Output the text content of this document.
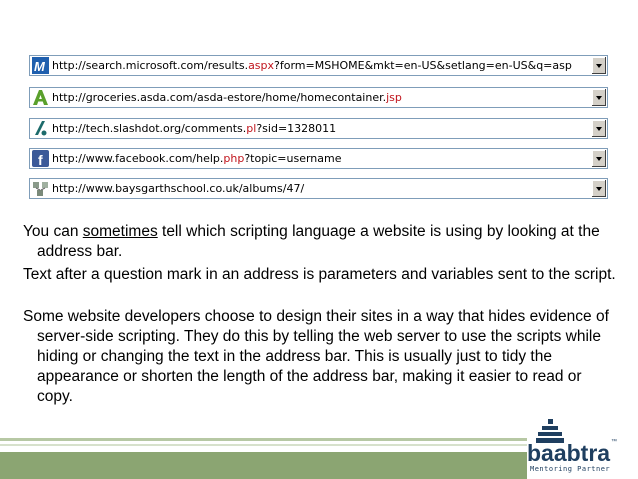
M http://search.microsoft.com/results.aspx?form=MSHOME&mkt=en-US&setlang=en-US&q=asp
http://groceries.asda.com/asda-estore/home/homecontainer.jsp
http://tech.slashdot.org/comments.pl?sid=1328011
f http://www.facebook.com/help.php?topic=username
http://www.baysgarthschool.co.uk/albums/47/

You can sometimes tell which scripting language a website is using by looking at the address bar.

Text after a question mark in an address is parameters and variables sent to the script.

Some website developers choose to design their sites in a way that hides evidence of server-side scripting. They do this by telling the web server to use the scripts while hiding or changing the text in the address bar. This is usually just to tidy the appearance or shorten the length of the address bar, making it easier to read or copy.

baabtra ™
Mentoring Partner
